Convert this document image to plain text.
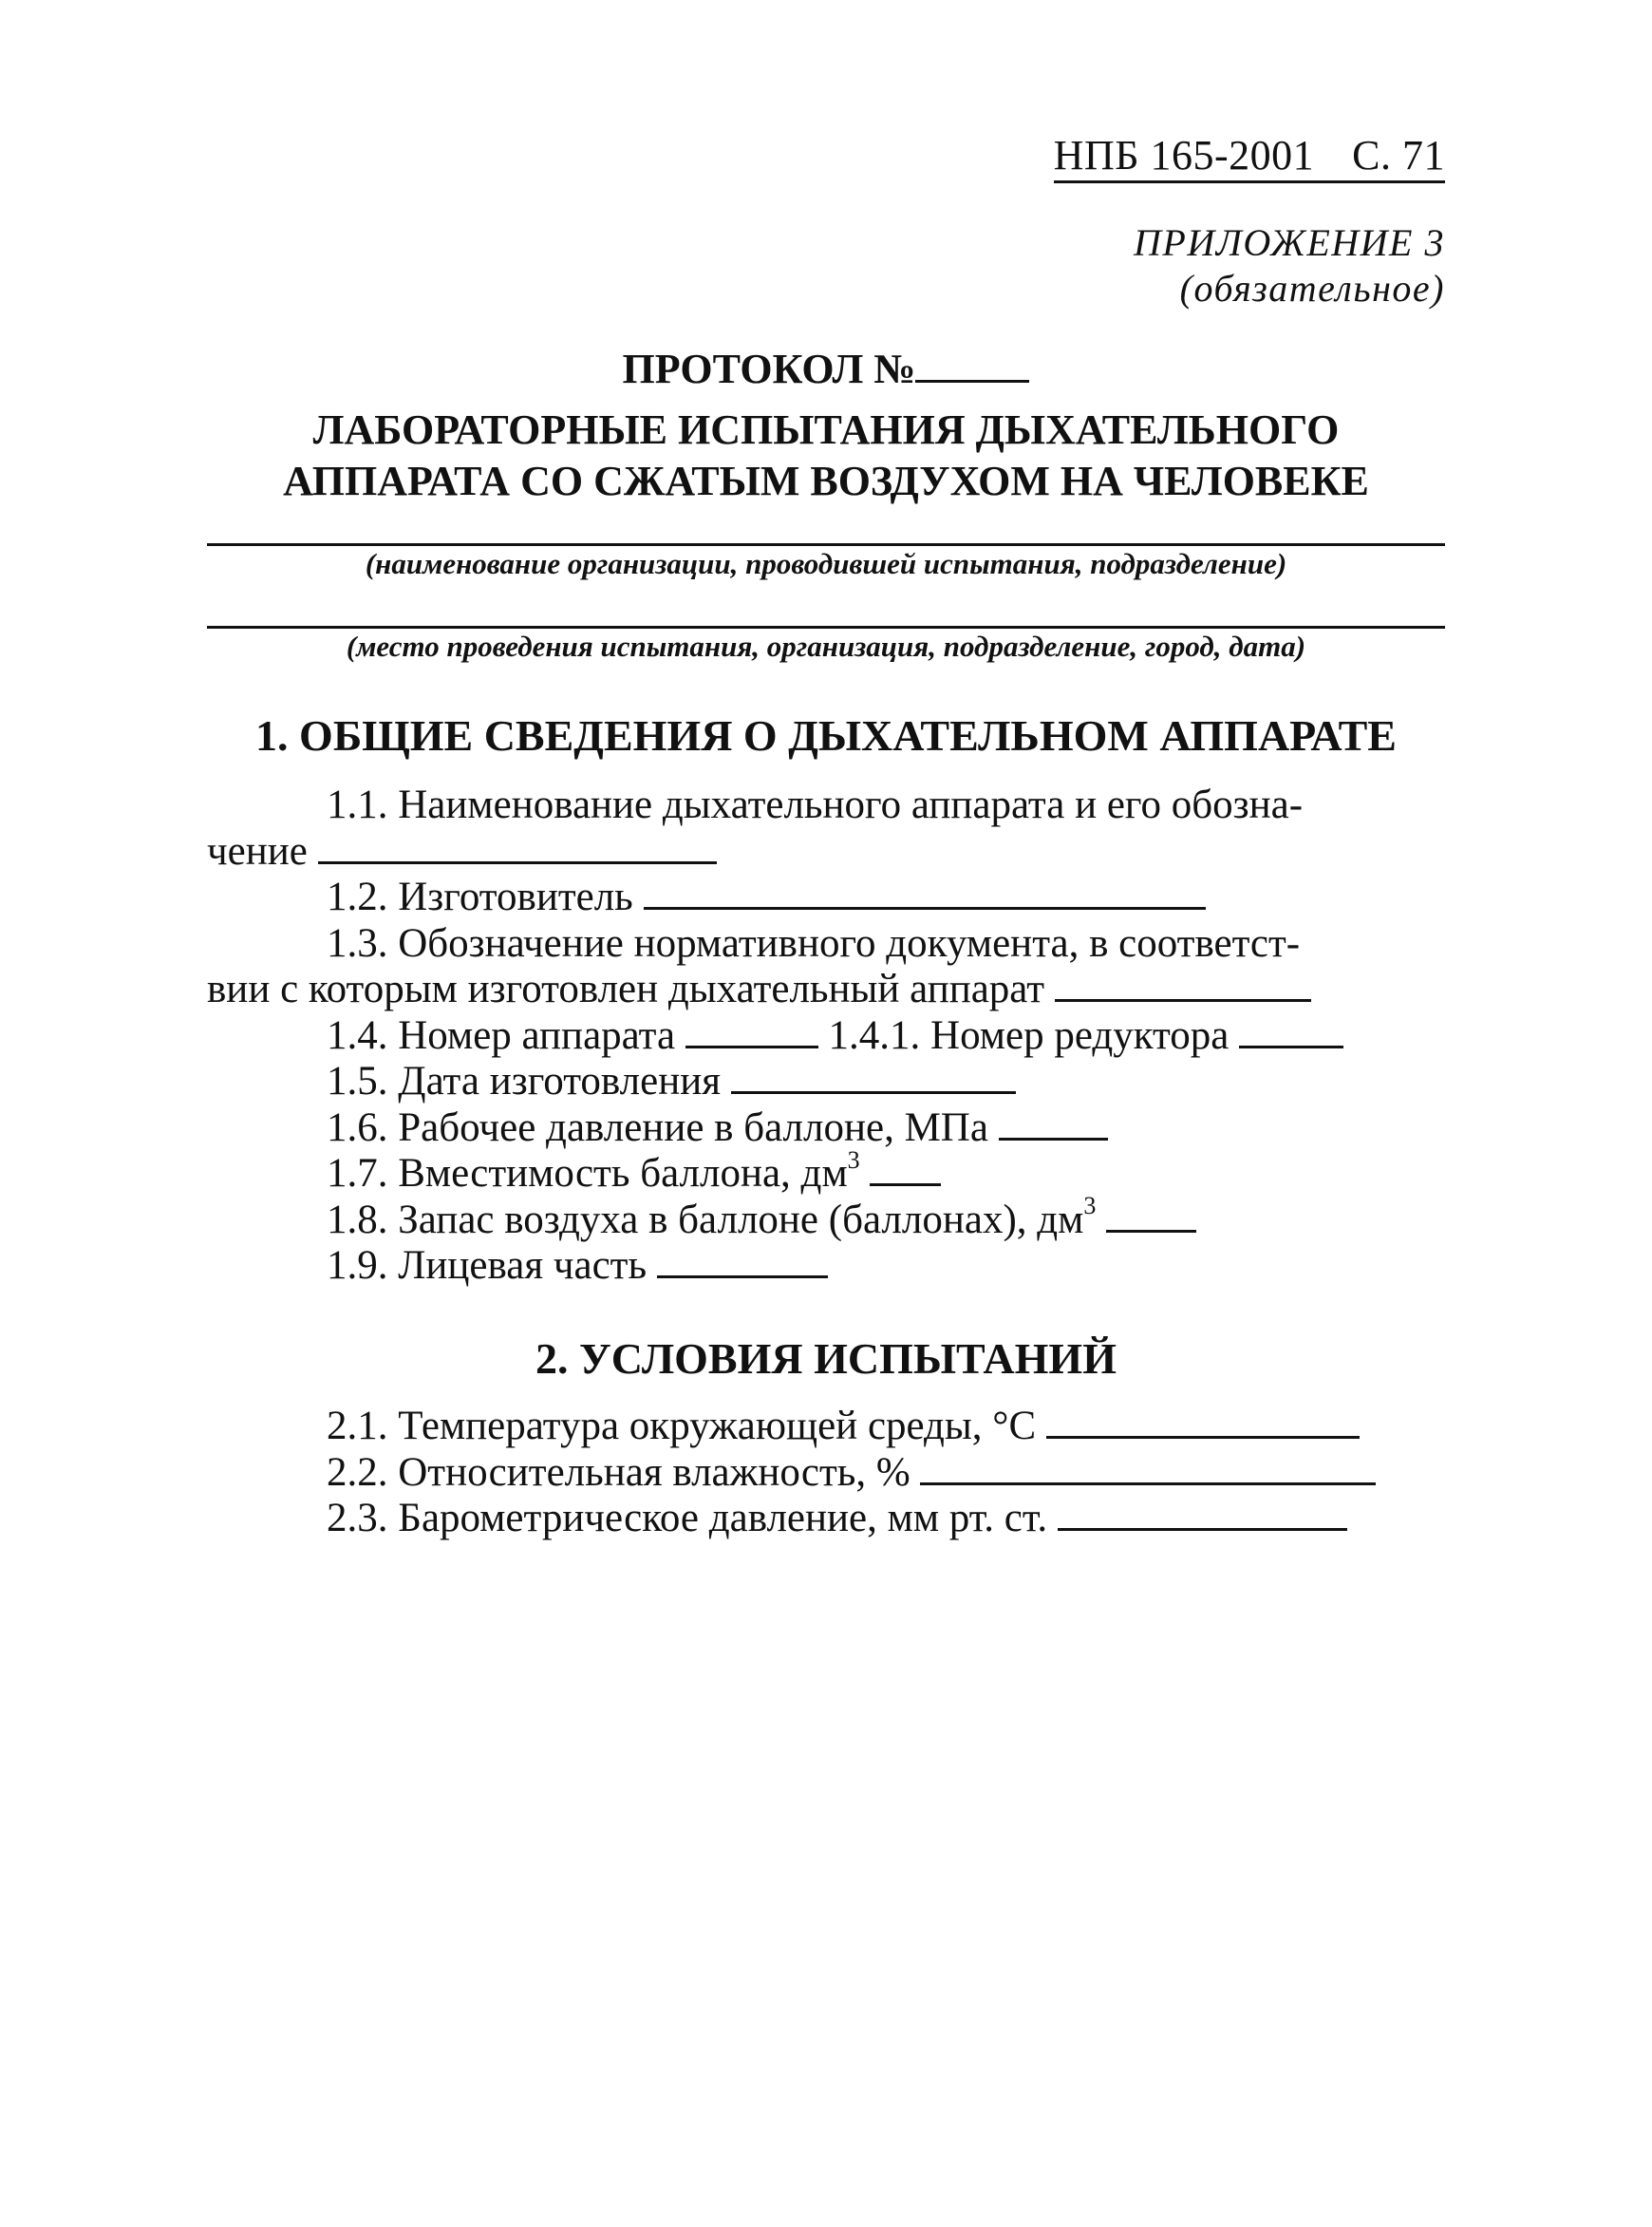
НПБ 165-2001 С. 71
ПРИЛОЖЕНИЕ 3
(обязательное)
ПРОТОКОЛ №
ЛАБОРАТОРНЫЕ ИСПЫТАНИЯ ДЫХАТЕЛЬНОГО
АППАРАТА СО СЖАТЫМ ВОЗДУХОМ НА ЧЕЛОВЕКЕ
(наименование организации, проводившей испытания, подразделение)
(место проведения испытания, организация, подразделение, город, дата)
1. ОБЩИЕ СВЕДЕНИЯ О ДЫХАТЕЛЬНОМ АППАРАТЕ

1.1. Наименование дыхательного аппарата и его обозна-

чение

1.2. Изготовитель

1.3. Обозначение нормативного документа, в соответст-

вии с которым изготовлен дыхательный аппарат

1.4. Номер аппарата	1.4.1. Номер редуктора

1.5. Дата изготовления

1.6. Рабочее давление в баллоне, МПа

1.7. Вместимость баллона, $дм^3$

1.8. Запас воздуха в баллоне (баллонах), $дм^3$

1.9. Лицевая часть

2. УСЛОВИЯ ИСПЫТАНИЙ

2.1. Температура окружающей среды, °С

2.2. Относительная влажность, %

2.3. Барометрическое давление, мм рт. ст.
